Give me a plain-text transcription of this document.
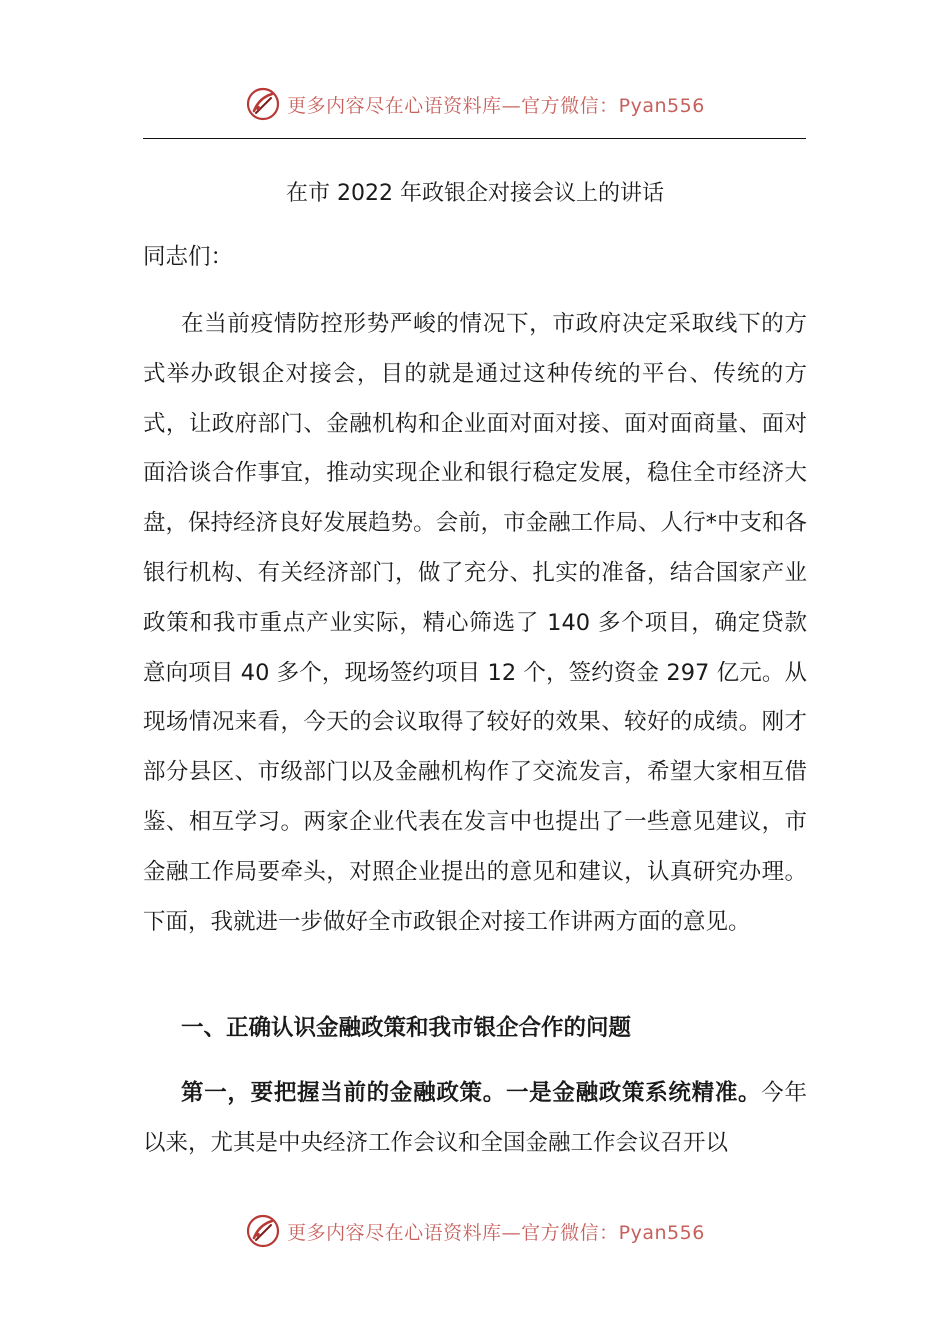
更多内容尽在心语资料库—官方微信：Pyan556
在市 2022 年政银企对接会议上的讲话
同志们：
在当前疫情防控形势严峻的情况下，市政府决定采取线下的方式举办政银企对接会，目的就是通过这种传统的平台、传统的方式，让政府部门、金融机构和企业面对面对接、面对面商量、面对面洽谈合作事宜，推动实现企业和银行稳定发展，稳住全市经济大盘，保持经济良好发展趋势。会前，市金融工作局、人行*中支和各银行机构、有关经济部门，做了充分、扎实的准备，结合国家产业政策和我市重点产业实际，精心筛选了 140 多个项目，确定贷款意向项目 40 多个，现场签约项目 12 个，签约资金 297 亿元。从现场情况来看，今天的会议取得了较好的效果、较好的成绩。刚才部分县区、市级部门以及金融机构作了交流发言，希望大家相互借鉴、相互学习。两家企业代表在发言中也提出了一些意见建议，市金融工作局要牵头，对照企业提出的意见和建议，认真研究办理。下面，我就进一步做好全市政银企对接工作讲两方面的意见。
一、正确认识金融政策和我市银企合作的问题
第一，要把握当前的金融政策。一是金融政策系统精准。今年以来，尤其是中央经济工作会议和全国金融工作会议召开以
更多内容尽在心语资料库—官方微信：Pyan556
